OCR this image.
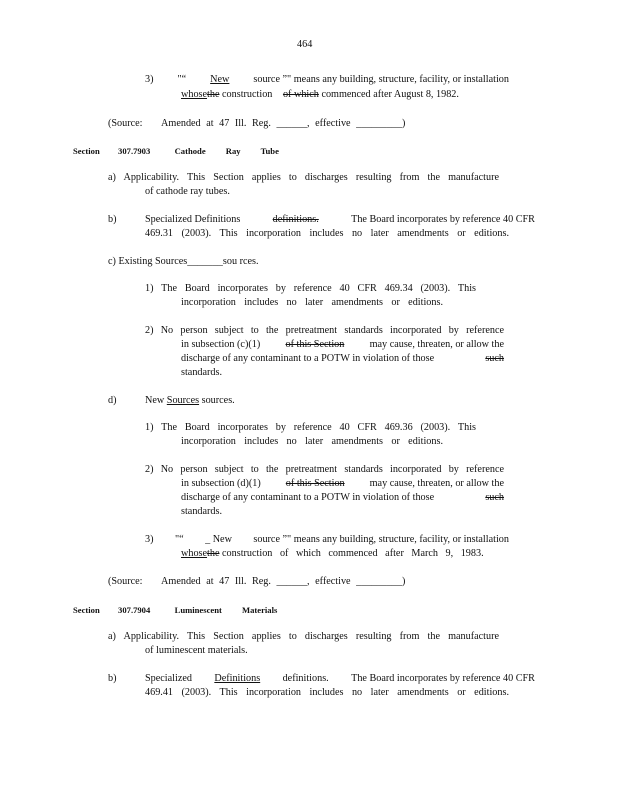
464
3) "“ New source ”" means any building, structure, facility, or installation
whosethe construction of which commenced after August 8, 1982.
(Source: Amended at 47 Ill. Reg. ______, effective _________)
Section 307.7903	Cathode Ray Tube
a) Applicability. This Section applies to discharges resulting from the manufacture
of cathode ray tubes.
b)	Specialized Definitions	definitions.	The Board incorporates by reference 40 CFR
469.31 (2003). This incorporation includes no later amendments or editions.
c) Existing Sources_______sou rces.
1) The Board incorporates by reference 40 CFR 469.34 (2003). This
incorporation includes no later amendments or editions.
2) No person subject to the pretreatment standards incorporated by reference
in subsection (c)(1) of this Section may cause, threaten, or allow the
discharge of any contaminant to a POTW in violation of those	such
standards.
d)	New Sources sources.
1) The Board incorporates by reference 40 CFR 469.36 (2003). This
incorporation includes no later amendments or editions.
2) No person subject to the pretreatment standards incorporated by reference
in subsection (d)(1) of this Section may cause, threaten, or allow the
discharge of any contaminant to a POTW in violation of those	such
standards.
3) "“ _ New source ”" means any building, structure, facility, or installation
whosethe construction of which commenced after March 9, 1983.
(Source: Amended at 47 Ill. Reg. ______, effective _________)
Section 307.7904	Luminescent Materials
a) Applicability. This Section applies to discharges resulting from the manufacture
of luminescent materials.
b)	Specialized Definitions definitions. The Board incorporates by reference 40 CFR
469.41 (2003). This incorporation includes no later amendments or editions.
